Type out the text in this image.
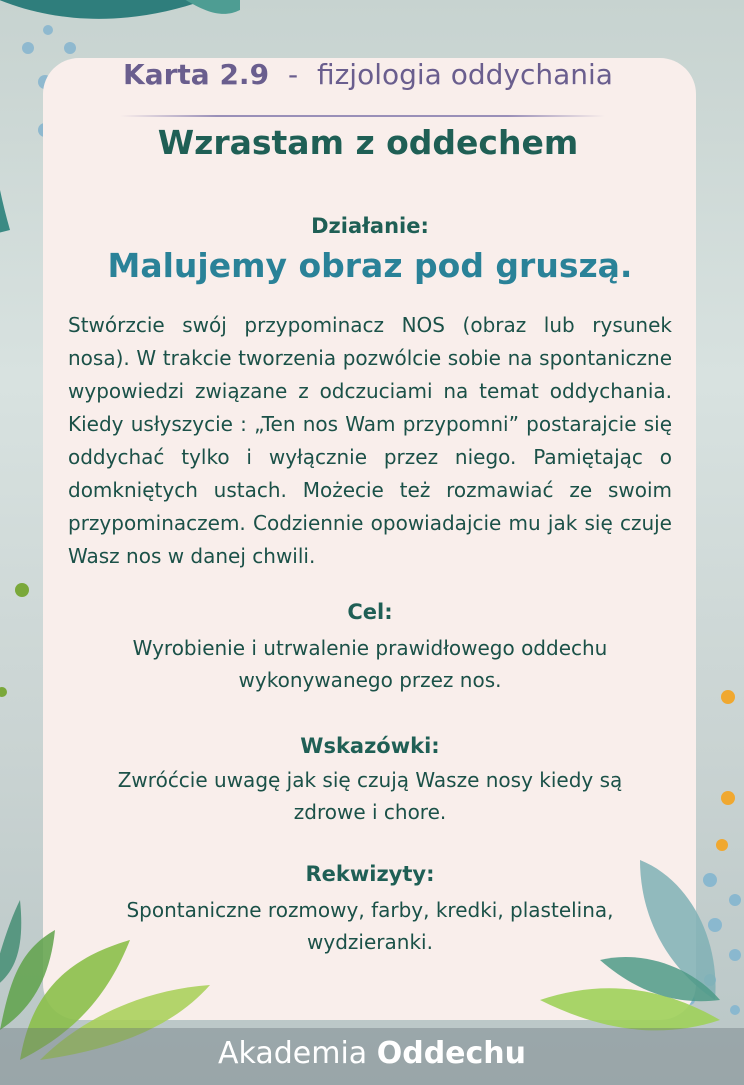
Karta 2.9 - fizjologia oddychania
Wzrastam z oddechem
Działanie:
Malujemy obraz pod gruszą.
Stwórzcie swój przypominacz NOS (obraz lub rysunek nosa). W trakcie tworzenia pozwólcie sobie na spontaniczne wypowiedzi związane z odczuciami na temat oddychania. Kiedy usłyszycie : „Ten nos Wam przypomni” postarajcie się oddychać tylko i wyłącznie przez niego. Pamiętając o domkniętych ustach. Możecie też rozmawiać ze swoim przypominaczem. Codziennie opowiadajcie mu jak się czuje Wasz nos w danej chwili.
Cel:
Wyrobienie i utrwalenie prawidłowego oddechu wykonywanego przez nos.
Wskazówki:
Zwróćcie uwagę jak się czują Wasze nosy kiedy są zdrowe i chore.
Rekwizyty:
Spontaniczne rozmowy, farby, kredki, plastelina, wydzieranki.
Akademia Oddechu
